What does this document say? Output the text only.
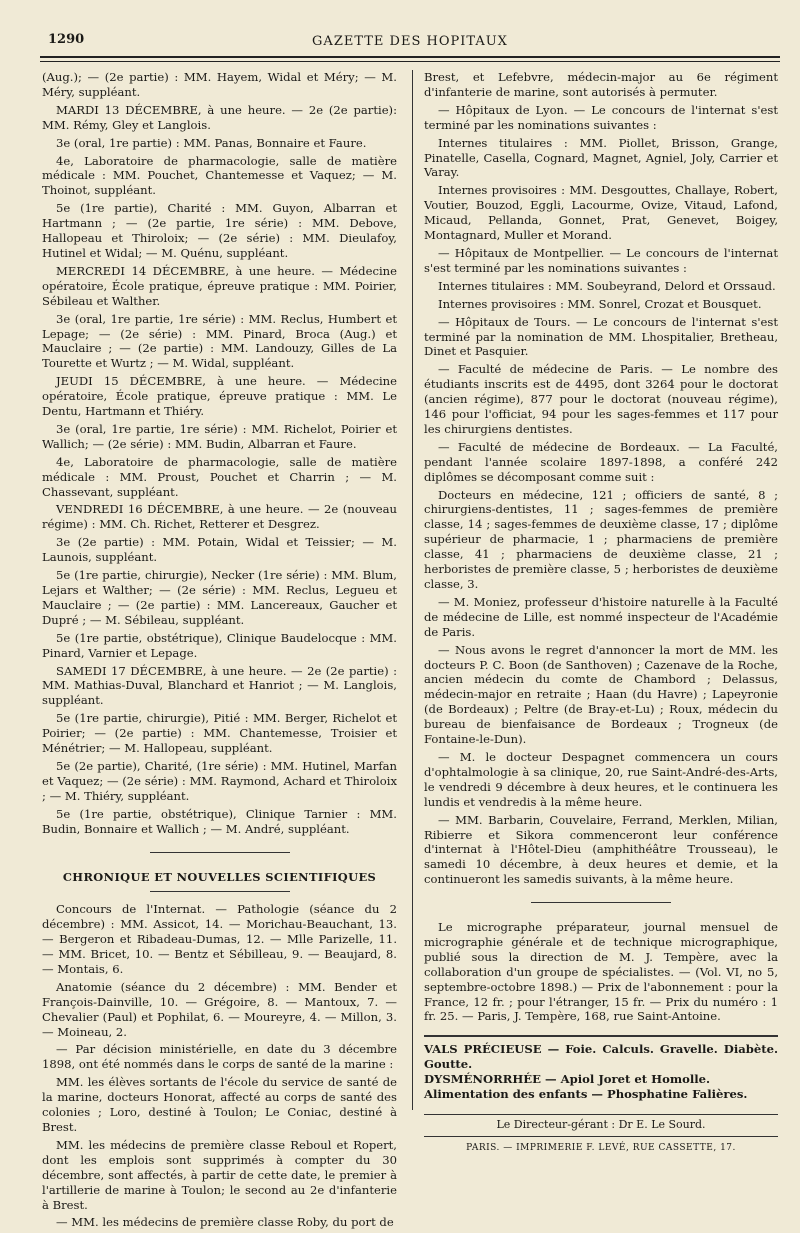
1290	GAZETTE DES HOPITAUX

(Aug.); — (2e partie) : MM. Hayem, Widal et Méry; — M. Méry, suppléant.

MARDI 13 DÉCEMBRE, à une heure. — 2e (2e partie): MM. Rémy, Gley et Langlois.

3e (oral, 1re partie) : MM. Panas, Bonnaire et Faure.

4e, Laboratoire de pharmacologie, salle de matière médicale : MM. Pouchet, Chantemesse et Vaquez; — M. Thoinot, suppléant.

5e (1re partie), Charité : MM. Guyon, Albarran et Hartmann ; — (2e partie, 1re série) : MM. Debove, Hallopeau et Thiroloix; — (2e série) : MM. Dieulafoy, Hutinel et Widal; — M. Quénu, suppléant.

MERCREDI 14 DÉCEMBRE, à une heure. — Médecine opératoire, École pratique, épreuve pratique : MM. Poirier, Sébileau et Walther.

3e (oral, 1re partie, 1re série) : MM. Reclus, Humbert et Lepage; — (2e série) : MM. Pinard, Broca (Aug.) et Mauclaire ; — (2e partie) : MM. Landouzy, Gilles de La Tourette et Wurtz ; — M. Widal, suppléant.

JEUDI 15 DÉCEMBRE, à une heure. — Médecine opératoire, École pratique, épreuve pratique : MM. Le Dentu, Hartmann et Thiéry.

3e (oral, 1re partie, 1re série) : MM. Richelot, Poirier et Wallich; — (2e série) : MM. Budin, Albarran et Faure.

4e, Laboratoire de pharmacologie, salle de matière médicale : MM. Proust, Pouchet et Charrin ; — M. Chassevant, suppléant.

VENDREDI 16 DÉCEMBRE, à une heure. — 2e (nouveau régime) : MM. Ch. Richet, Retterer et Desgrez.

3e (2e partie) : MM. Potain, Widal et Teissier; — M. Launois, suppléant.

5e (1re partie, chirurgie), Necker (1re série) : MM. Blum, Lejars et Walther; — (2e série) : MM. Reclus, Legueu et Mauclaire ; — (2e partie) : MM. Lancereaux, Gaucher et Dupré ; — M. Sébileau, suppléant.

5e (1re partie, obstétrique), Clinique Baudelocque : MM. Pinard, Varnier et Lepage.

SAMEDI 17 DÉCEMBRE, à une heure. — 2e (2e partie) : MM. Mathias-Duval, Blanchard et Hanriot ; — M. Langlois, suppléant.

5e (1re partie, chirurgie), Pitié : MM. Berger, Richelot et Poirier; — (2e partie) : MM. Chantemesse, Troisier et Ménétrier; — M. Hallopeau, suppléant.

5e (2e partie), Charité, (1re série) : MM. Hutinel, Marfan et Vaquez; — (2e série) : MM. Raymond, Achard et Thiroloix ; — M. Thiéry, suppléant.

5e (1re partie, obstétrique), Clinique Tarnier : MM. Budin, Bonnaire et Wallich ; — M. André, suppléant.

CHRONIQUE ET NOUVELLES SCIENTIFIQUES

Concours de l'Internat. — Pathologie (séance du 2 décembre) : MM. Assicot, 14. — Morichau-Beauchant, 13. — Bergeron et Ribadeau-Dumas, 12. — Mlle Parizelle, 11. — MM. Bricet, 10. — Bentz et Sébilleau, 9. — Beaujard, 8. — Montais, 6.

Anatomie (séance du 2 décembre) : MM. Bender et François-Dainville, 10. — Grégoire, 8. — Mantoux, 7. — Chevalier (Paul) et Pophilat, 6. — Moureyre, 4. — Millon, 3. — Moineau, 2.

— Par décision ministérielle, en date du 3 décembre 1898, ont été nommés dans le corps de santé de la marine :

MM. les élèves sortants de l'école du service de santé de la marine, docteurs Honorat, affecté au corps de santé des colonies ; Loro, destiné à Toulon; Le Coniac, destiné à Brest.

MM. les médecins de première classe Reboul et Ropert, dont les emplois sont supprimés à compter du 30 décembre, sont affectés, à partir de cette date, le premier à l'artillerie de marine à Toulon; le second au 2e d'infanterie à Brest.

— MM. les médecins de première classe Roby, du port de

Brest, et Lefebvre, médecin-major au 6e régiment d'infanterie de marine, sont autorisés à permuter.

— Hôpitaux de Lyon. — Le concours de l'internat s'est terminé par les nominations suivantes :

Internes titulaires : MM. Piollet, Brisson, Grange, Pinatelle, Casella, Cognard, Magnet, Agniel, Joly, Carrier et Varay.

Internes provisoires : MM. Desgouttes, Challaye, Robert, Voutier, Bouzod, Eggli, Lacourme, Ovize, Vitaud, Lafond, Micaud, Pellanda, Gonnet, Prat, Genevet, Boigey, Montagnard, Muller et Morand.

— Hôpitaux de Montpellier. — Le concours de l'internat s'est terminé par les nominations suivantes :

Internes titulaires : MM. Soubeyrand, Delord et Orssaud.

Internes provisoires : MM. Sonrel, Crozat et Bousquet.

— Hôpitaux de Tours. — Le concours de l'internat s'est terminé par la nomination de MM. Lhospitalier, Bretheau, Dinet et Pasquier.

— Faculté de médecine de Paris. — Le nombre des étudiants inscrits est de 4495, dont 3264 pour le doctorat (ancien régime), 877 pour le doctorat (nouveau régime), 146 pour l'officiat, 94 pour les sages-femmes et 117 pour les chirurgiens dentistes.

— Faculté de médecine de Bordeaux. — La Faculté, pendant l'année scolaire 1897-1898, a conféré 242 diplômes se décomposant comme suit :

Docteurs en médecine, 121 ; officiers de santé, 8 ; chirurgiens-dentistes, 11 ; sages-femmes de première classe, 14 ; sages-femmes de deuxième classe, 17 ; diplôme supérieur de pharmacie, 1 ; pharmaciens de première classe, 41 ; pharmaciens de deuxième classe, 21 ; herboristes de première classe, 5 ; herboristes de deuxième classe, 3.

— M. Moniez, professeur d'histoire naturelle à la Faculté de médecine de Lille, est nommé inspecteur de l'Académie de Paris.

— Nous avons le regret d'annoncer la mort de MM. les docteurs P. C. Boon (de Santhoven) ; Cazenave de la Roche, ancien médecin du comte de Chambord ; Delassus, médecin-major en retraite ; Haan (du Havre) ; Lapeyronie (de Bordeaux) ; Peltre (de Bray-et-Lu) ; Roux, médecin du bureau de bienfaisance de Bordeaux ; Trogneux (de Fontaine-le-Dun).

— M. le docteur Despagnet commencera un cours d'ophtalmologie à sa clinique, 20, rue Saint-André-des-Arts, le vendredi 9 décembre à deux heures, et le continuera les lundis et vendredis à la même heure.

— MM. Barbarin, Couvelaire, Ferrand, Merklen, Milian, Ribierre et Sikora commenceront leur conférence d'internat à l'Hôtel-Dieu (amphithéâtre Trousseau), le samedi 10 décembre, à deux heures et demie, et la continueront les samedis suivants, à la même heure.

Le micrographe préparateur, journal mensuel de micrographie générale et de technique micrographique, publié sous la direction de M. J. Tempère, avec la collaboration d'un groupe de spécialistes. — (Vol. VI, no 5, septembre-octobre 1898.) — Prix de l'abonnement : pour la France, 12 fr. ; pour l'étranger, 15 fr. — Prix du numéro : 1 fr. 25. — Paris, J. Tempère, 168, rue Saint-Antoine.

VALS PRÉCIEUSE — Foie. Calculs. Gravelle. Diabète. Goutte.

DYSMÉNORRHÉE — Apiol Joret et Homolle.

Alimentation des enfants — Phosphatine Falières.

Le Directeur-gérant : Dr E. Le Sourd.
PARIS. — IMPRIMERIE F. LEVÉ, RUE CASSETTE, 17.
